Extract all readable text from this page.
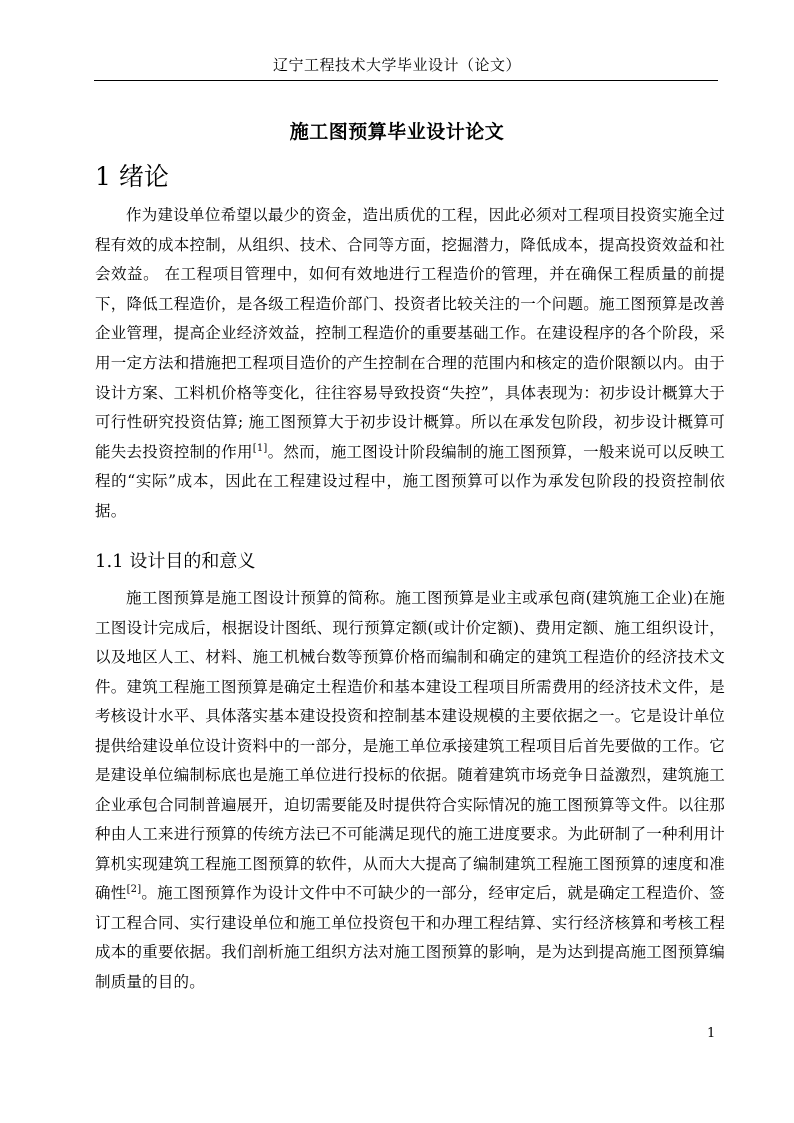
辽宁工程技术大学毕业设计（论文）
施工图预算毕业设计论文
1 绪论

作为建设单位希望以最少的资金，造出质优的工程，因此必须对工程项目投资实施全过程有效的成本控制，从组织、技术、合同等方面，挖掘潜力，降低成本，提高投资效益和社会效益。 在工程项目管理中，如何有效地进行工程造价的管理，并在确保工程质量的前提下，降低工程造价，是各级工程造价部门、投资者比较关注的一个问题。施工图预算是改善企业管理，提高企业经济效益，控制工程造价的重要基础工作。在建设程序的各个阶段，采用一定方法和措施把工程项目造价的产生控制在合理的范围内和核定的造价限额以内。由于设计方案、工料机价格等变化，往往容易导致投资“失控”，具体表现为：初步设计概算大于可行性研究投资估算; 施工图预算大于初步设计概算。所以在承发包阶段，初步设计概算可能失去投资控制的作用[1]。然而，施工图设计阶段编制的施工图预算，一般来说可以反映工程的“实际”成本，因此在工程建设过程中，施工图预算可以作为承发包阶段的投资控制依据。

1.1 设计目的和意义

施工图预算是施工图设计预算的简称。施工图预算是业主或承包商(建筑施工企业)在施工图设计完成后，根据设计图纸、现行预算定额(或计价定额)、费用定额、施工组织设计，以及地区人工、材料、施工机械台数等预算价格而编制和确定的建筑工程造价的经济技术文件。建筑工程施工图预算是确定土程造价和基本建设工程项目所需费用的经济技术文件，是考核设计水平、具体落实基本建设投资和控制基本建设规模的主要依据之一。它是设计单位提供给建设单位设计资料中的一部分，是施工单位承接建筑工程项目后首先要做的工作。它是建设单位编制标底也是施工单位进行投标的依据。随着建筑市场竞争日益激烈，建筑施工企业承包合同制普遍展开，迫切需要能及时提供符合实际情况的施工图预算等文件。以往那种由人工来进行预算的传统方法已不可能满足现代的施工进度要求。为此研制了一种利用计算机实现建筑工程施工图预算的软件，从而大大提高了编制建筑工程施工图预算的速度和准确性[2]。施工图预算作为设计文件中不可缺少的一部分，经审定后，就是确定工程造价、签订工程合同、实行建设单位和施工单位投资包干和办理工程结算、实行经济核算和考核工程成本的重要依据。我们剖析施工组织方法对施工图预算的影响，是为达到提高施工图预算编制质量的目的。

1
